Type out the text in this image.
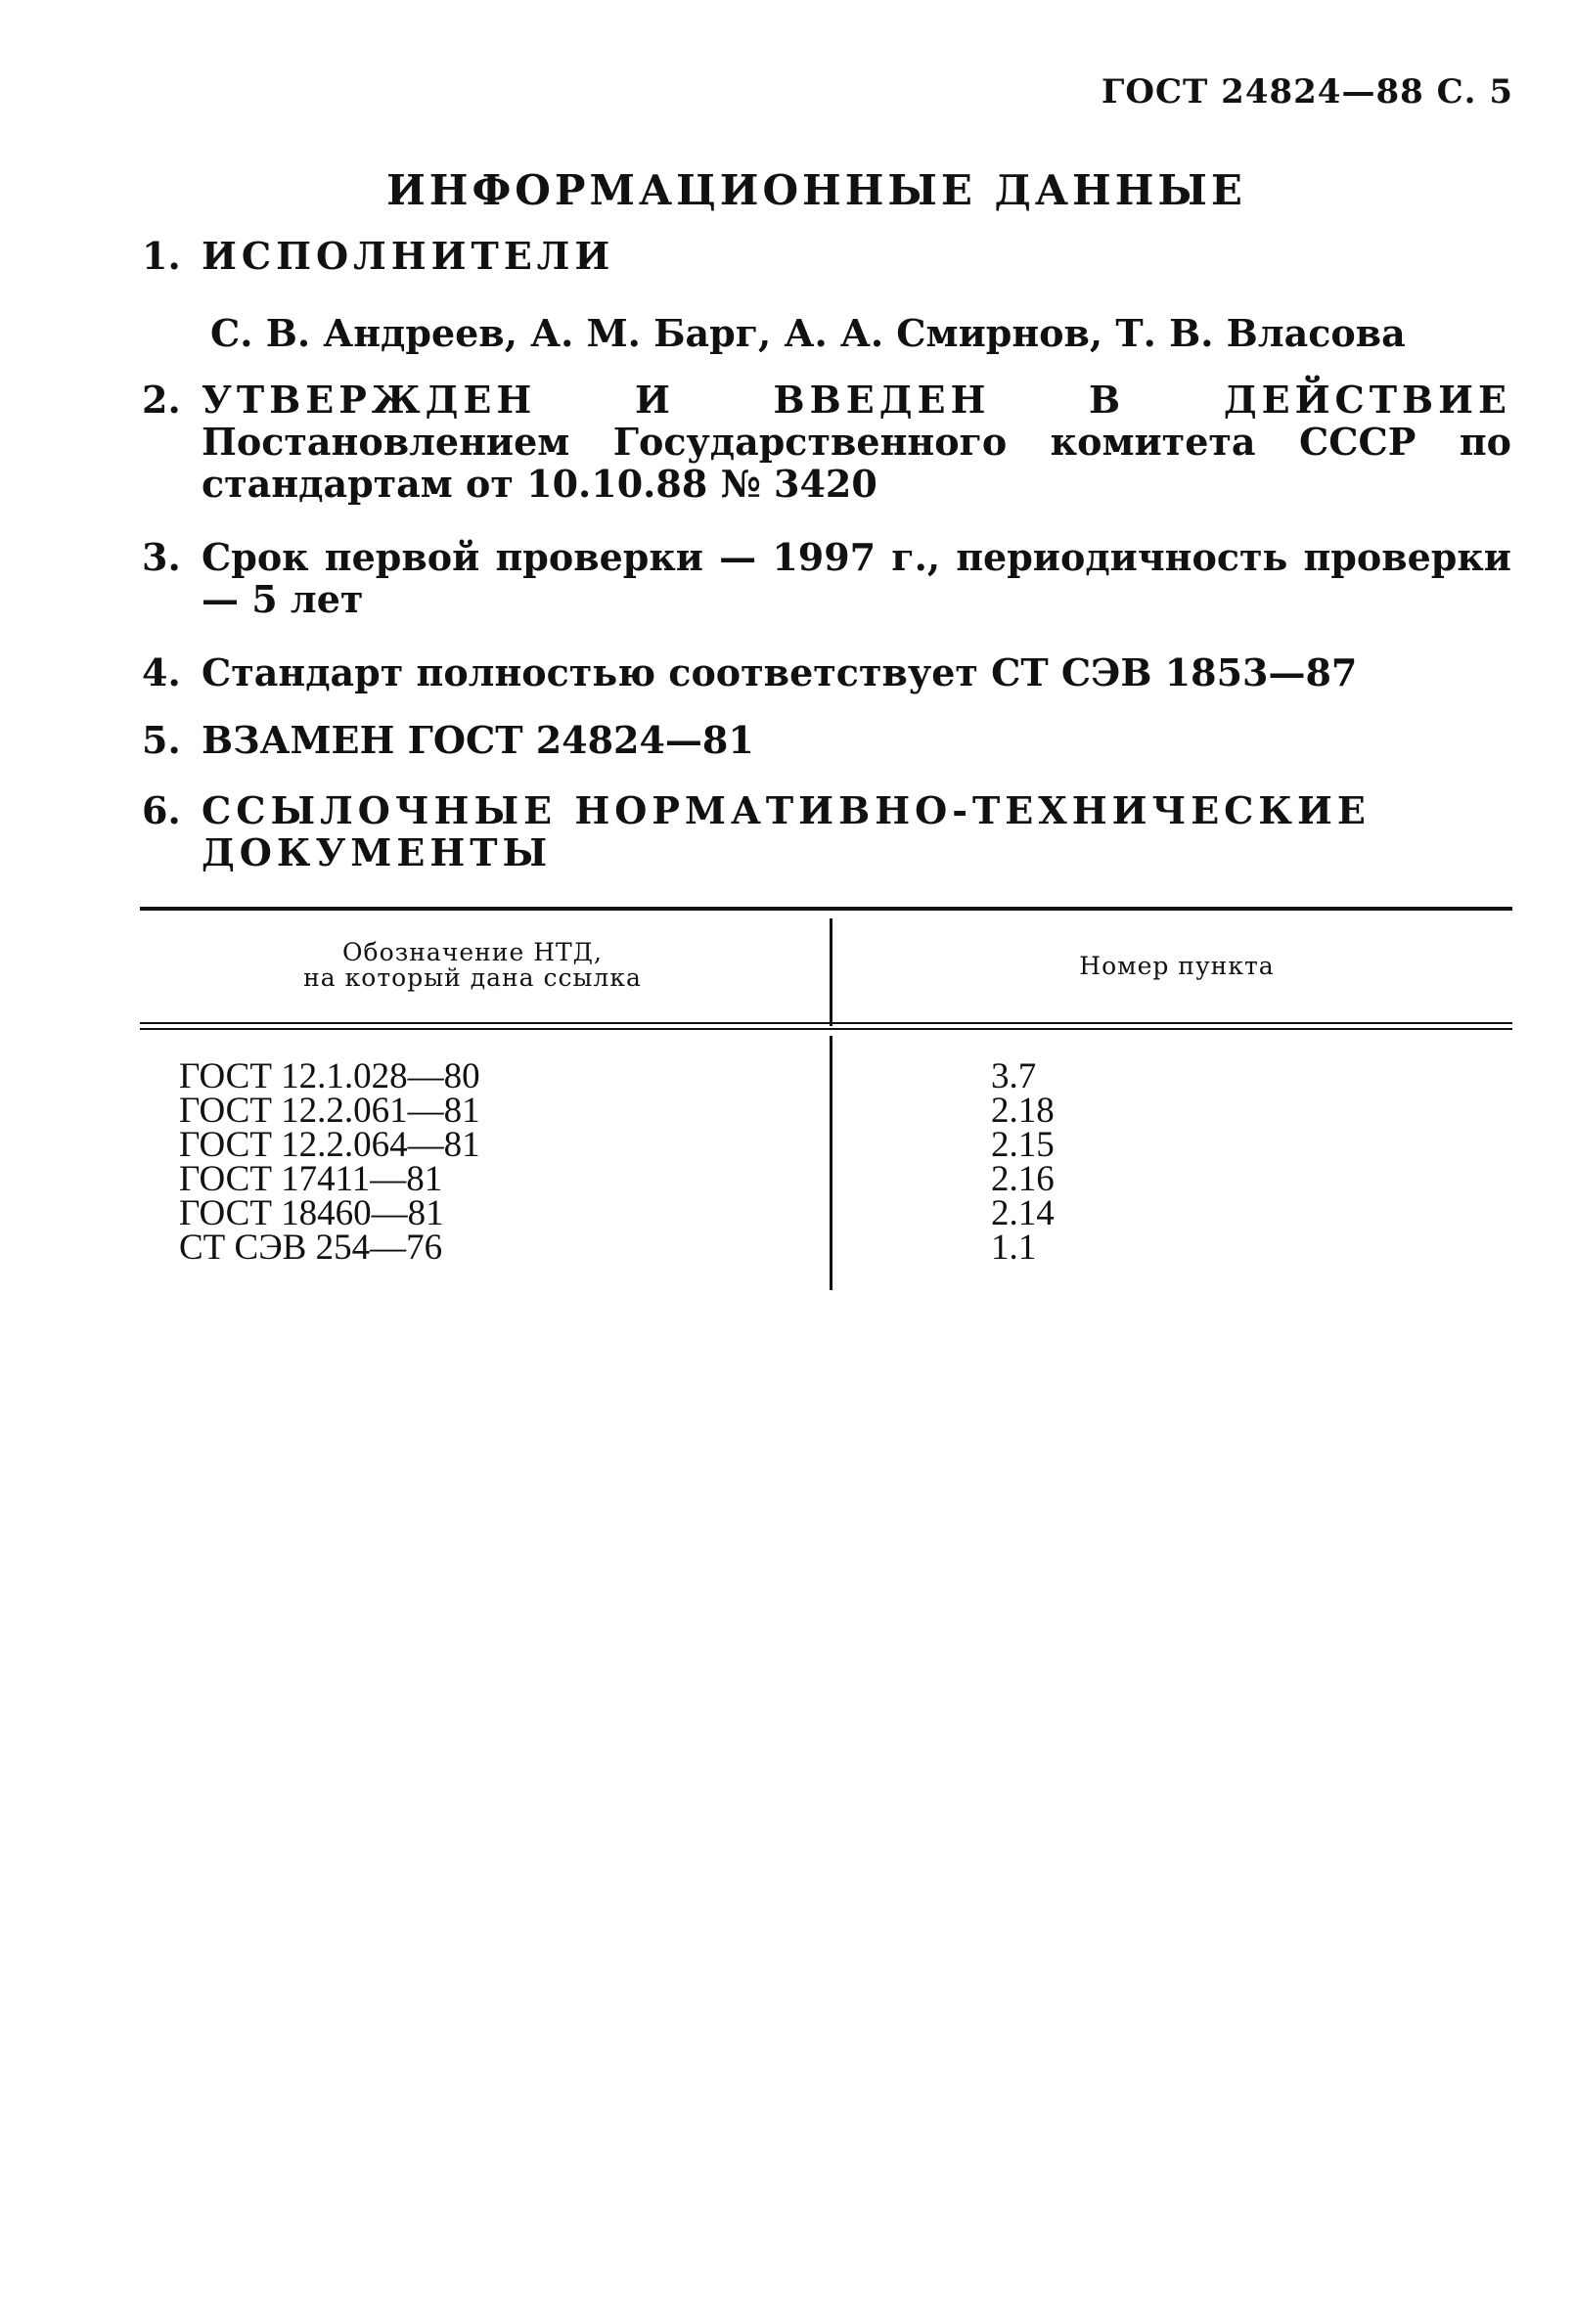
ГОСТ 24824—88 С. 5
ИНФОРМАЦИОННЫЕ ДАННЫЕ
1. ИСПОЛНИТЕЛИ
С. В. Андреев, А. М. Барг, А. А. Смирнов, Т. В. Власова
2. УТВЕРЖДЕН И ВВЕДЕН В ДЕЙСТВИЕ Постановлением Государственного комитета СССР по стандартам от 10.10.88 № 3420
3. Срок первой проверки — 1997 г., периодичность проверки — 5 лет
4. Стандарт полностью соответствует СТ СЭВ 1853—87
5. ВЗАМЕН ГОСТ 24824—81
6. ССЫЛОЧНЫЕ НОРМАТИВНО-ТЕХНИЧЕСКИЕ ДОКУМЕНТЫ
Обозначение НТД,
на который дана ссылка	Номер пункта
ГОСТ 12.1.028—80	3.7
ГОСТ 12.2.061—81	2.18
ГОСТ 12.2.064—81	2.15
ГОСТ 17411—81	2.16
ГОСТ 18460—81	2.14
СТ СЭВ 254—76	1.1
